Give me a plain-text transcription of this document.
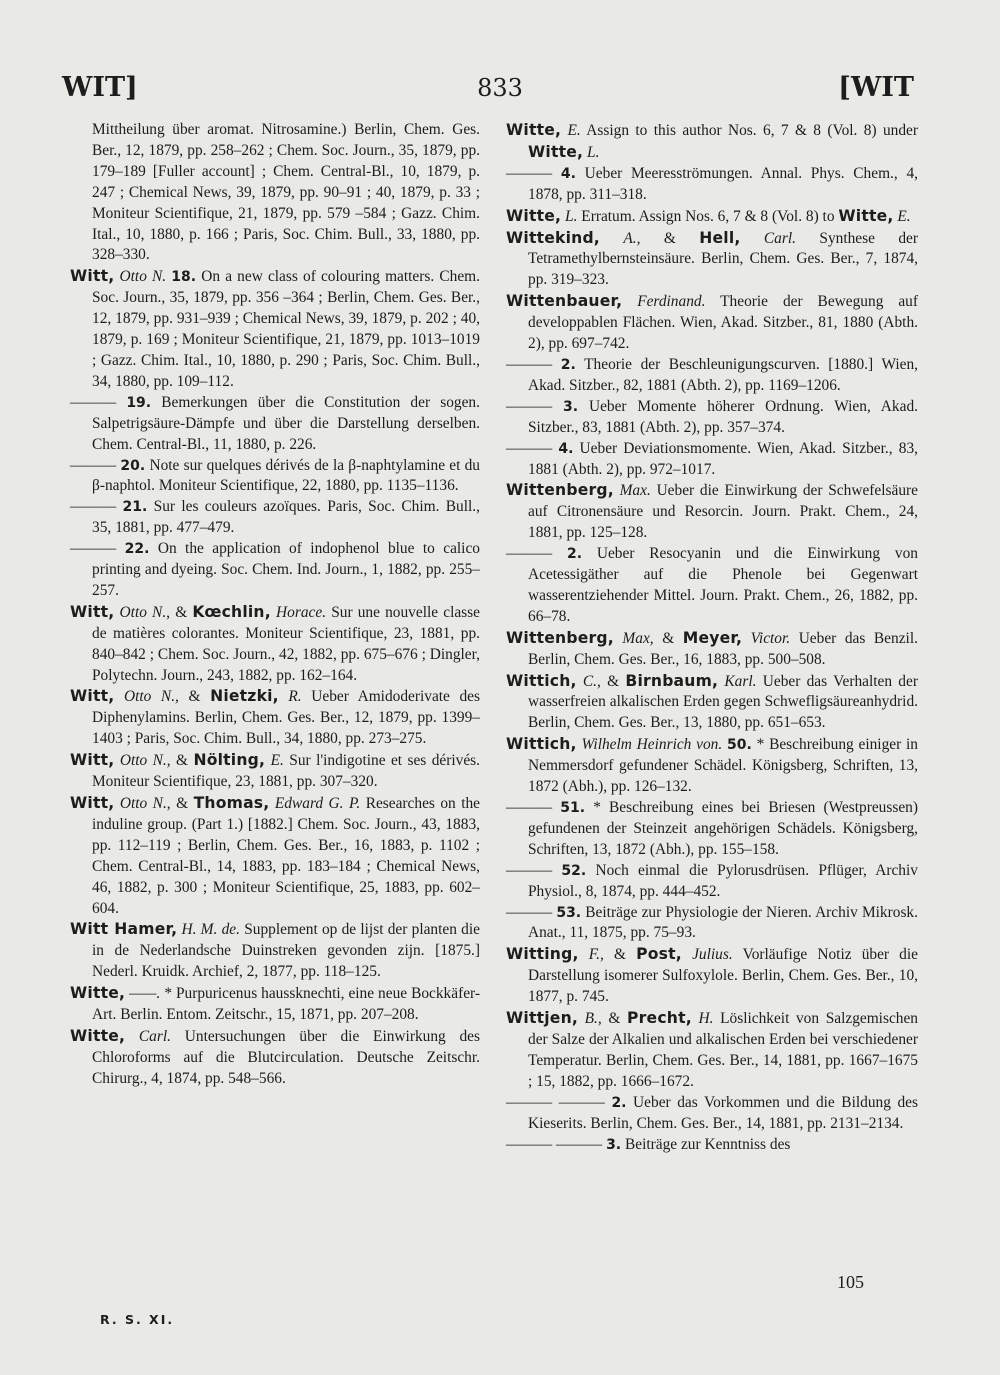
WIT]	833	[WIT

Mittheilung über aromat. Nitrosamine.) Berlin, Chem. Ges. Ber., 12, 1879, pp. 258–262 ; Chem. Soc. Journ., 35, 1879, pp. 179–189 [Fuller account] ; Chem. Central-Bl., 10, 1879, p. 247 ; Chemical News, 39, 1879, pp. 90–91 ; 40, 1879, p. 33 ; Moniteur Scientifique, 21, 1879, pp. 579 –584 ; Gazz. Chim. Ital., 10, 1880, p. 166 ; Paris, Soc. Chim. Bull., 33, 1880, pp. 328–330.

Witt, Otto N. 18. On a new class of colouring matters. Chem. Soc. Journ., 35, 1879, pp. 356 –364 ; Berlin, Chem. Ges. Ber., 12, 1879, pp. 931–939 ; Chemical News, 39, 1879, p. 202 ; 40, 1879, p. 169 ; Moniteur Scientifique, 21, 1879, pp. 1013–1019 ; Gazz. Chim. Ital., 10, 1880, p. 290 ; Paris, Soc. Chim. Bull., 34, 1880, pp. 109–112.

——— 19. Bemerkungen über die Constitution der sogen. Salpetrigsäure-Dämpfe und über die Darstellung derselben. Chem. Central-Bl., 11, 1880, p. 226.

——— 20. Note sur quelques dérivés de la β-naphtylamine et du β-naphtol. Moniteur Scientifique, 22, 1880, pp. 1135–1136.

——— 21. Sur les couleurs azoïques. Paris, Soc. Chim. Bull., 35, 1881, pp. 477–479.

——— 22. On the application of indophenol blue to calico printing and dyeing. Soc. Chem. Ind. Journ., 1, 1882, pp. 255–257.

Witt, Otto N., & Kœchlin, Horace. Sur une nouvelle classe de matières colorantes. Moniteur Scientifique, 23, 1881, pp. 840–842 ; Chem. Soc. Journ., 42, 1882, pp. 675–676 ; Dingler, Polytechn. Journ., 243, 1882, pp. 162–164.

Witt, Otto N., & Nietzki, R. Ueber Amidoderivate des Diphenylamins. Berlin, Chem. Ges. Ber., 12, 1879, pp. 1399–1403 ; Paris, Soc. Chim. Bull., 34, 1880, pp. 273–275.

Witt, Otto N., & Nölting, E. Sur l'indigotine et ses dérivés. Moniteur Scientifique, 23, 1881, pp. 307–320.

Witt, Otto N., & Thomas, Edward G. P. Researches on the induline group. (Part 1.) [1882.] Chem. Soc. Journ., 43, 1883, pp. 112–119 ; Berlin, Chem. Ges. Ber., 16, 1883, p. 1102 ; Chem. Central-Bl., 14, 1883, pp. 183–184 ; Chemical News, 46, 1882, p. 300 ; Moniteur Scientifique, 25, 1883, pp. 602–604.

Witt Hamer, H. M. de. Supplement op de lijst der planten die in de Nederlandsche Duinstreken gevonden zijn. [1875.] Nederl. Kruidk. Archief, 2, 1877, pp. 118–125.

Witte, ——. * Purpuricenus haussknechti, eine neue Bockkäfer-Art. Berlin. Entom. Zeitschr., 15, 1871, pp. 207–208.

Witte, Carl. Untersuchungen über die Einwirkung des Chloroforms auf die Blutcirculation. Deutsche Zeitschr. Chirurg., 4, 1874, pp. 548–566.

Witte, E. Assign to this author Nos. 6, 7 & 8 (Vol. 8) under Witte, L.

——— 4. Ueber Meeresströmungen. Annal. Phys. Chem., 4, 1878, pp. 311–318.

Witte, L. Erratum. Assign Nos. 6, 7 & 8 (Vol. 8) to Witte, E.

Wittekind, A., & Hell, Carl. Synthese der Tetramethylbernsteinsäure. Berlin, Chem. Ges. Ber., 7, 1874, pp. 319–323.

Wittenbauer, Ferdinand. Theorie der Bewegung auf developpablen Flächen. Wien, Akad. Sitzber., 81, 1880 (Abth. 2), pp. 697–742.

——— 2. Theorie der Beschleunigungscurven. [1880.] Wien, Akad. Sitzber., 82, 1881 (Abth. 2), pp. 1169–1206.

——— 3. Ueber Momente höherer Ordnung. Wien, Akad. Sitzber., 83, 1881 (Abth. 2), pp. 357–374.

——— 4. Ueber Deviationsmomente. Wien, Akad. Sitzber., 83, 1881 (Abth. 2), pp. 972–1017.

Wittenberg, Max. Ueber die Einwirkung der Schwefelsäure auf Citronensäure und Resorcin. Journ. Prakt. Chem., 24, 1881, pp. 125–128.

——— 2. Ueber Resocyanin und die Einwirkung von Acetessigäther auf die Phenole bei Gegenwart wasserentziehender Mittel. Journ. Prakt. Chem., 26, 1882, pp. 66–78.

Wittenberg, Max, & Meyer, Victor. Ueber das Benzil. Berlin, Chem. Ges. Ber., 16, 1883, pp. 500–508.

Wittich, C., & Birnbaum, Karl. Ueber das Verhalten der wasserfreien alkalischen Erden gegen Schwefligsäureanhydrid. Berlin, Chem. Ges. Ber., 13, 1880, pp. 651–653.

Wittich, Wilhelm Heinrich von. 50. * Beschreibung einiger in Nemmersdorf gefundener Schädel. Königsberg, Schriften, 13, 1872 (Abh.), pp. 126–132.

——— 51. * Beschreibung eines bei Briesen (Westpreussen) gefundenen der Steinzeit angehörigen Schädels. Königsberg, Schriften, 13, 1872 (Abh.), pp. 155–158.

——— 52. Noch einmal die Pylorusdrüsen. Pflüger, Archiv Physiol., 8, 1874, pp. 444–452.

——— 53. Beiträge zur Physiologie der Nieren. Archiv Mikrosk. Anat., 11, 1875, pp. 75–93.

Witting, F., & Post, Julius. Vorläufige Notiz über die Darstellung isomerer Sulfoxylole. Berlin, Chem. Ges. Ber., 10, 1877, p. 745.

Wittjen, B., & Precht, H. Löslichkeit von Salzgemischen der Salze der Alkalien und alkalischen Erden bei verschiedener Temperatur. Berlin, Chem. Ges. Ber., 14, 1881, pp. 1667–1675 ; 15, 1882, pp. 1666–1672.

——— ——— 2. Ueber das Vorkommen und die Bildung des Kieserits. Berlin, Chem. Ges. Ber., 14, 1881, pp. 2131–2134.

——— ——— 3. Beiträge zur Kenntniss des

R. S. XI.
105
